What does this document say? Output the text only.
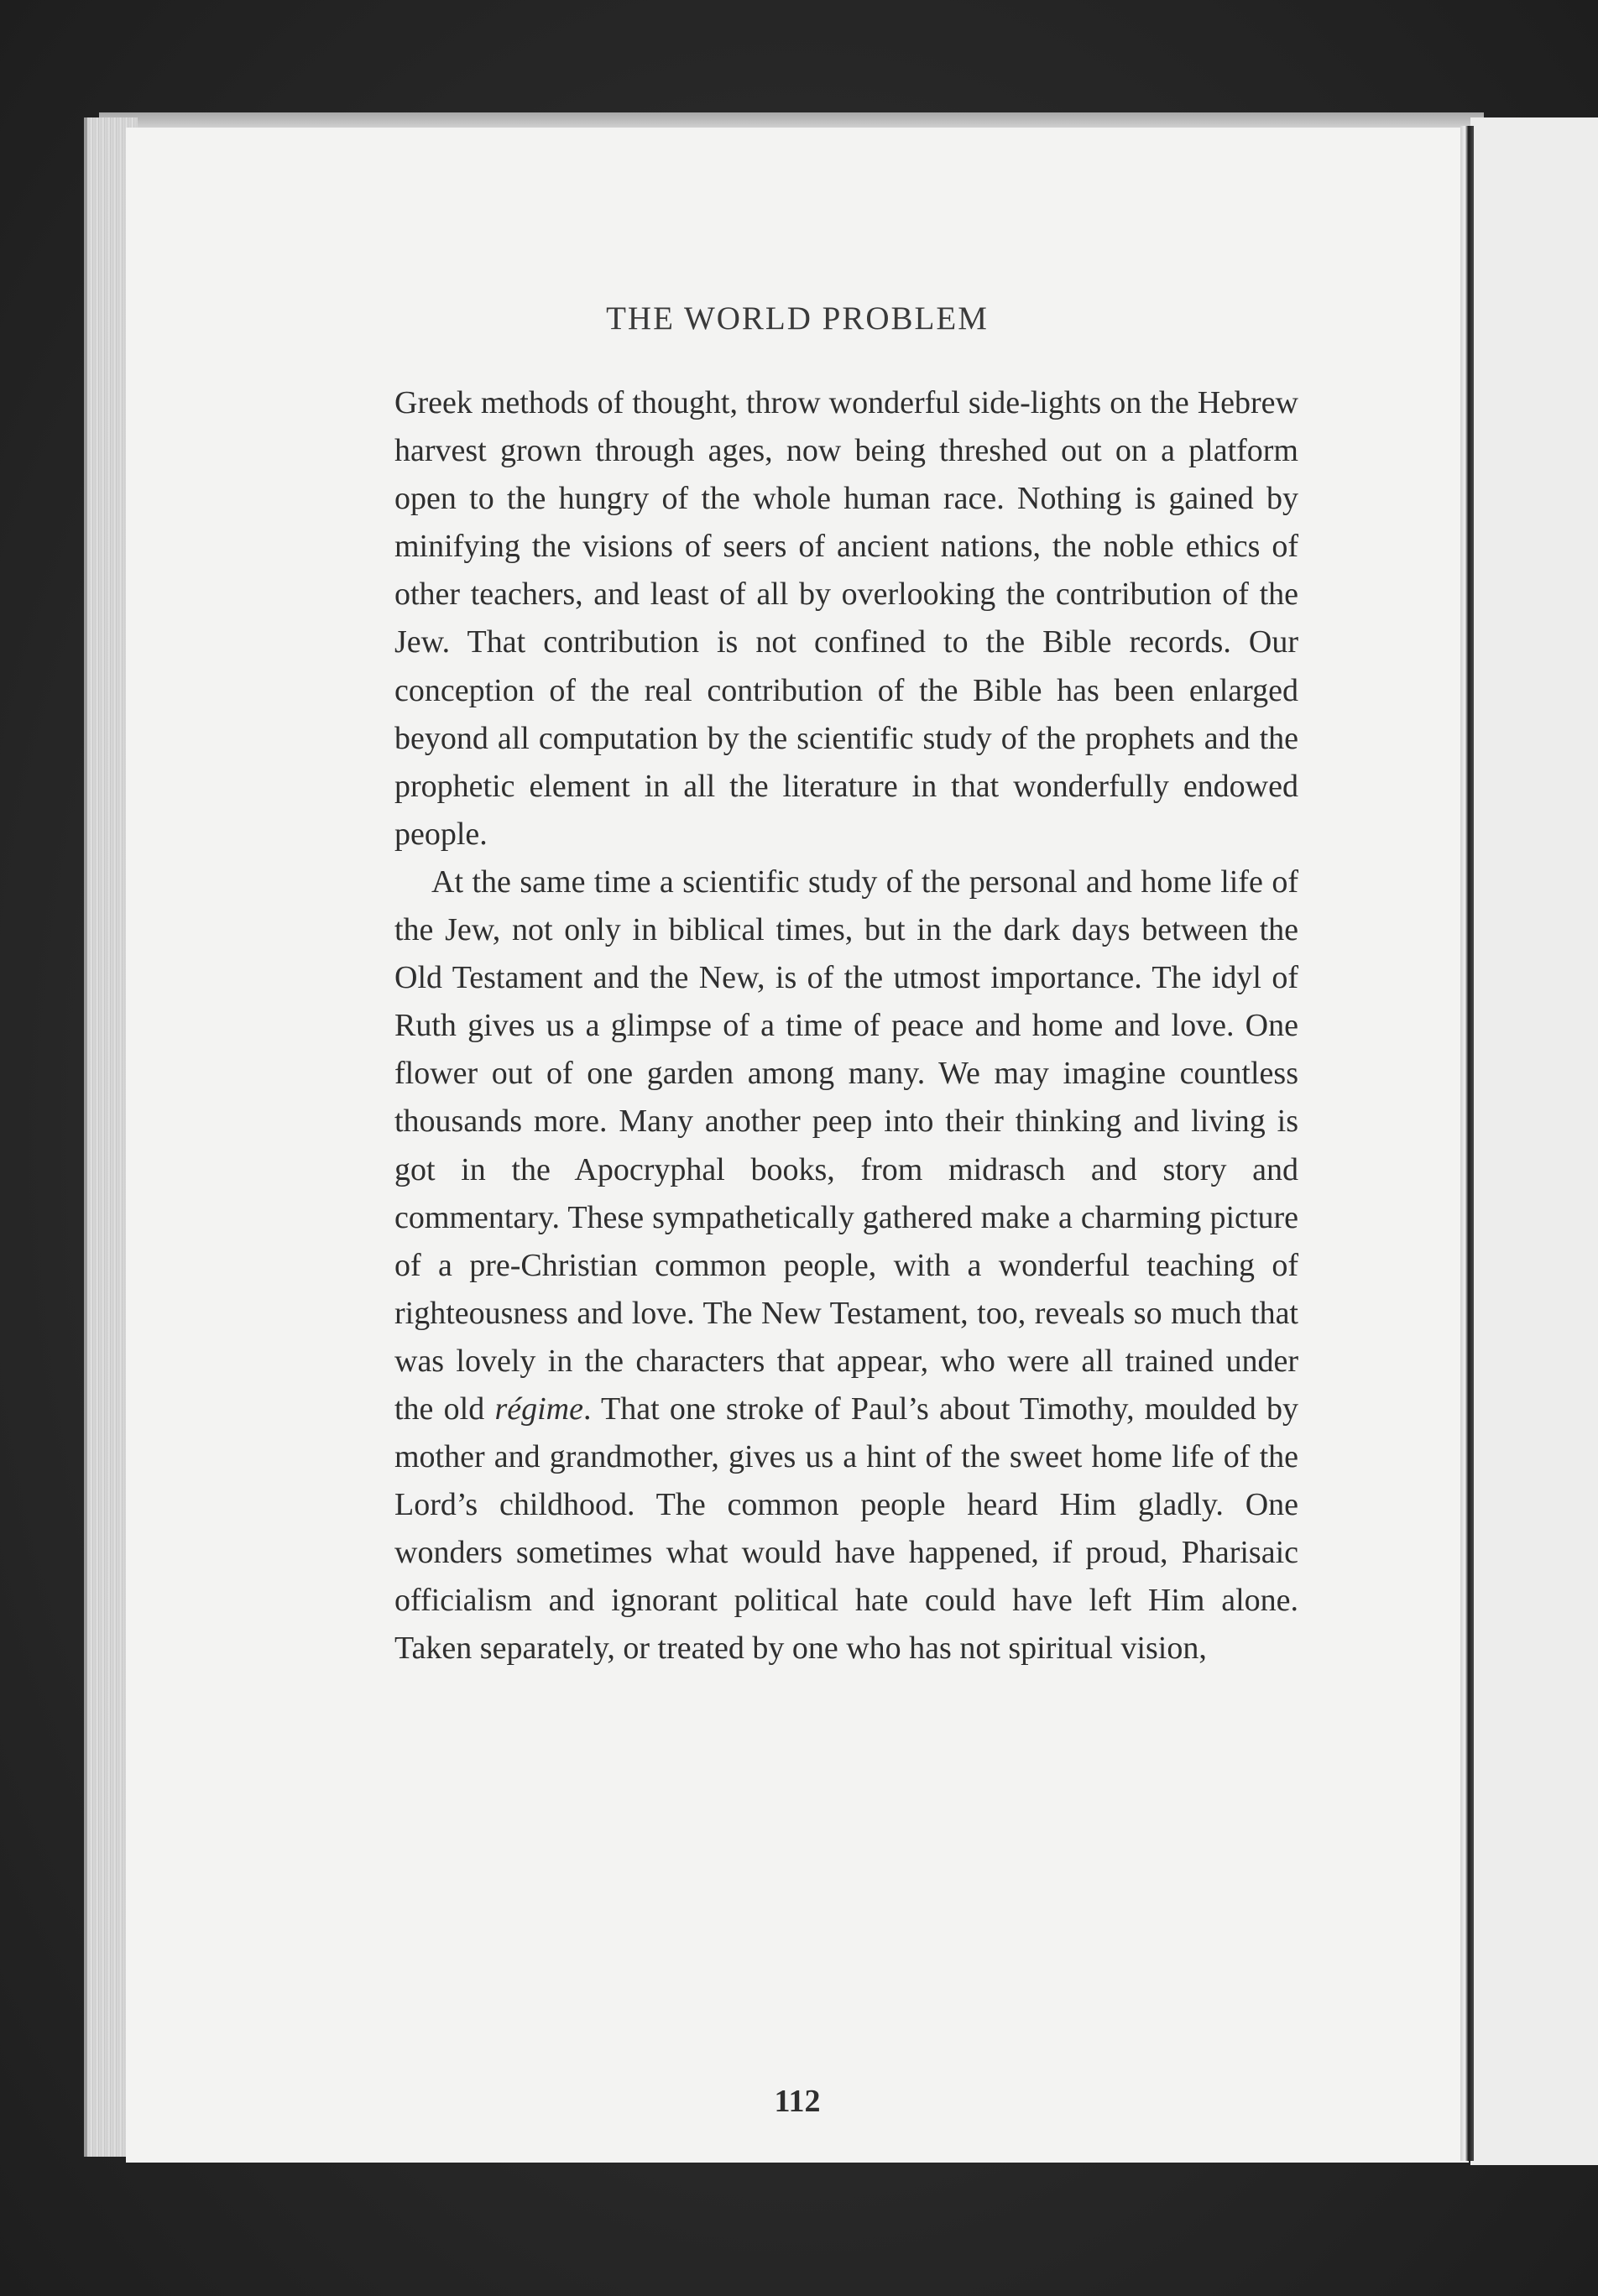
THE WORLD PROBLEM

Greek methods of thought, throw wonderful side-lights on the Hebrew harvest grown through ages, now being threshed out on a platform open to the hungry of the whole human race. Nothing is gained by minifying the visions of seers of ancient nations, the noble ethics of other teachers, and least of all by overlooking the contribution of the Jew. That contribution is not confined to the Bible records. Our conception of the real contribution of the Bible has been enlarged beyond all computation by the scientific study of the prophets and the prophetic element in all the literature in that wonderfully endowed people.

At the same time a scientific study of the personal and home life of the Jew, not only in biblical times, but in the dark days between the Old Testament and the New, is of the utmost importance. The idyl of Ruth gives us a glimpse of a time of peace and home and love. One flower out of one garden among many. We may imagine countless thousands more. Many another peep into their thinking and living is got in the Apocryphal books, from midrasch and story and commentary. These sympathetically gathered make a charming picture of a pre-Christian common people, with a wonderful teaching of righteousness and love. The New Testament, too, reveals so much that was lovely in the characters that appear, who were all trained under the old régime. That one stroke of Paul’s about Timothy, moulded by mother and grandmother, gives us a hint of the sweet home life of the Lord’s childhood. The common people heard Him gladly. One wonders sometimes what would have happened, if proud, Pharisaic officialism and ignorant political hate could have left Him alone. Taken separately, or treated by one who has not spiritual vision,

112
